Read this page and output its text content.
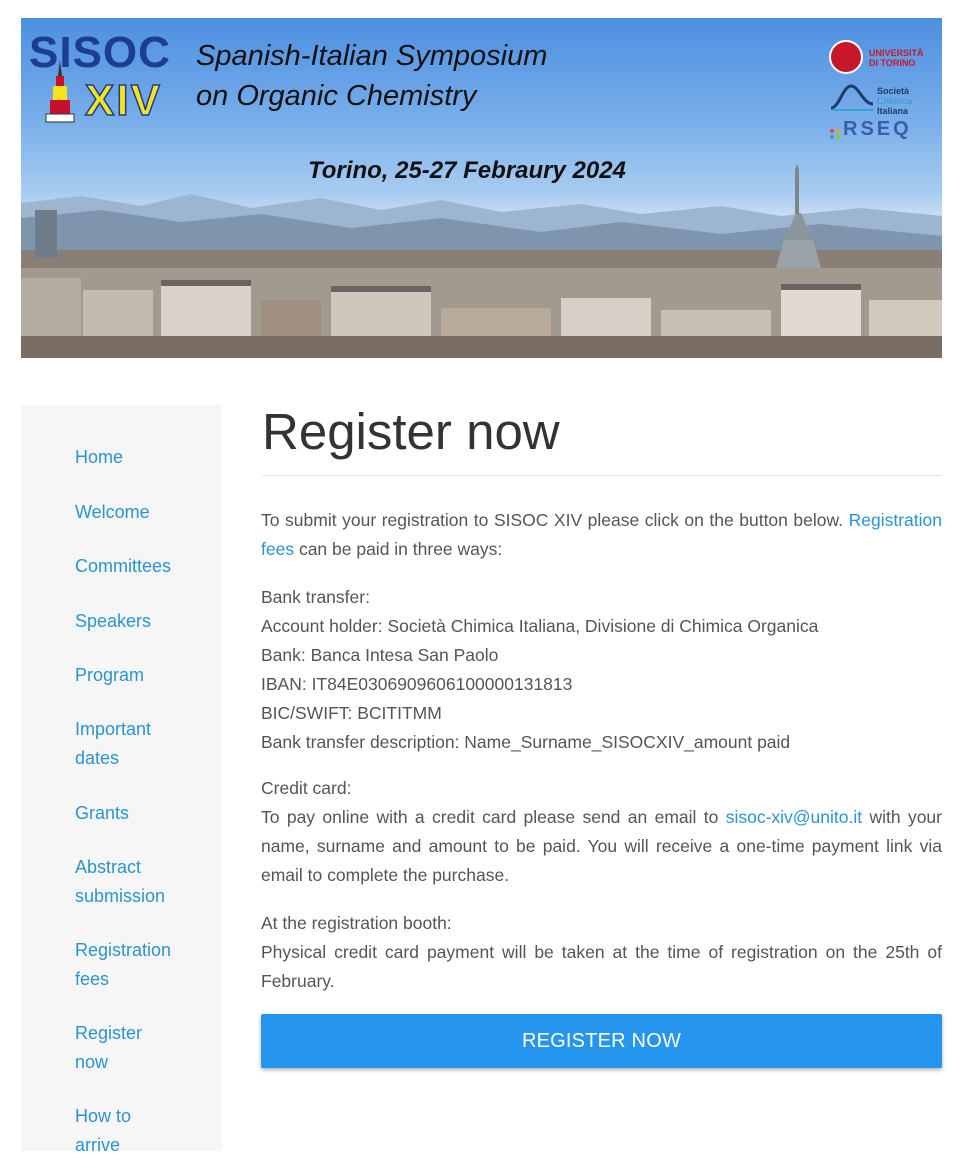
SISOC
XIV
Spanish-Italian Symposium
on Organic Chemistry
Torino, 25-27 Febraury 2024
UNIVERSITÀ
DI TORINO
Società
Chimica
Italiana
RSEQ
Home
Welcome
Committees
Speakers
Program
Important
dates
Grants
Abstract
submission
Registration
fees
Register
now
How to
arrive
Register now

To submit your registration to SISOC XIV please click on the button below. Registration fees can be paid in three ways:

Bank transfer:
Account holder: Società Chimica Italiana, Divisione di Chimica Organica
Bank: Banca Intesa San Paolo
IBAN: IT84E0306909606100000131813
BIC/SWIFT: BCITITMM
Bank transfer description: Name_Surname_SISOCXIV_amount paid
Credit card:

To pay online with a credit card please send an email to sisoc-xiv@unito.it with your name, surname and amount to be paid. You will receive a one-time payment link via email to complete the purchase.

At the registration booth:

Physical credit card payment will be taken at the time of registration on the 25th of February.

REGISTER NOW
